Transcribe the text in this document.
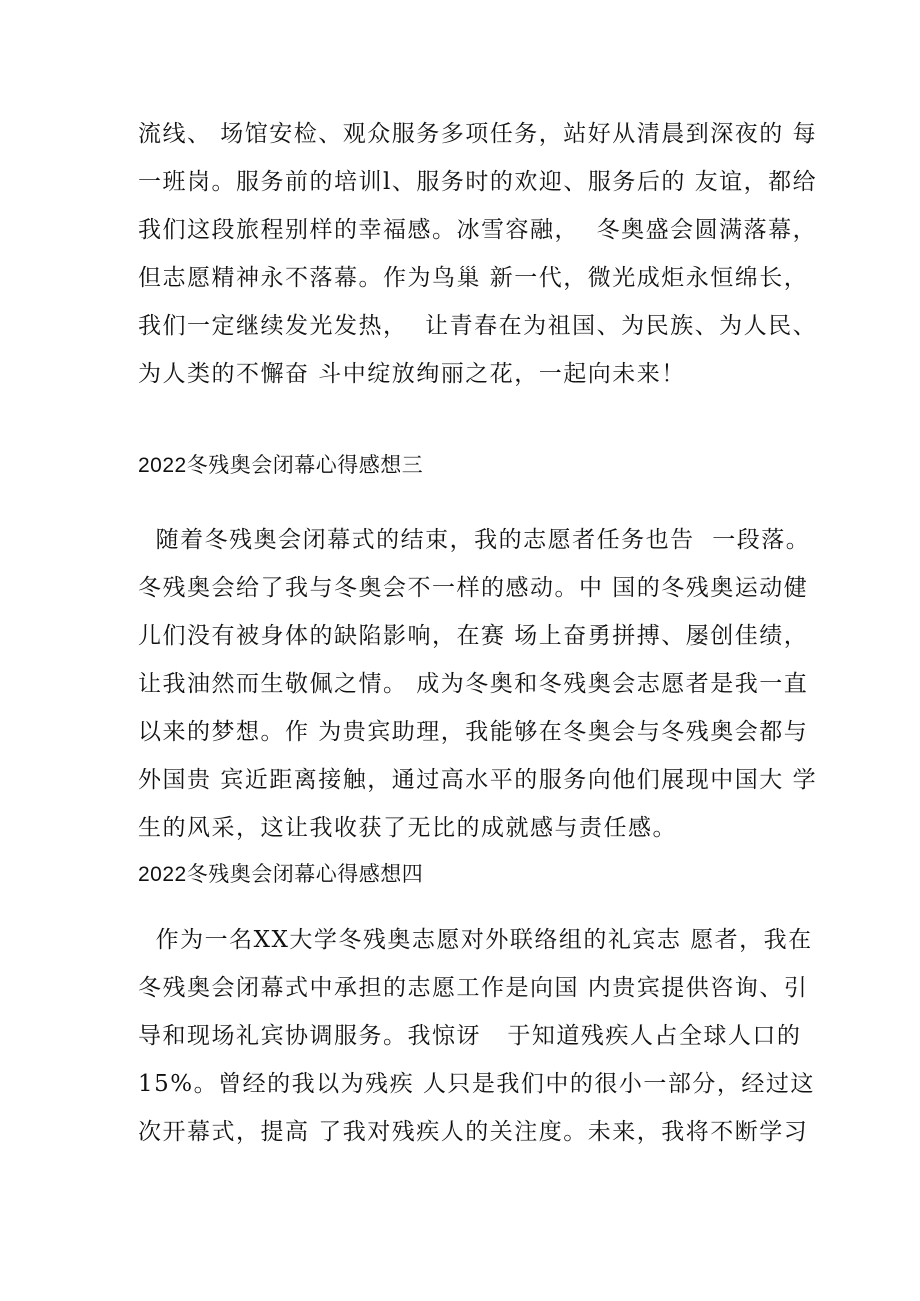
流线、 场馆安检、观众服务多项任务，站好从清晨到深夜的 每
一班岗。服务前的培训l、服务时的欢迎、服务后的 友谊，都给
我们这段旅程别样的幸福感。冰雪容融，  冬奥盛会圆满落幕，
但志愿精神永不落幕。作为鸟巢 新一代，微光成炬永恒绵长，
我们一定继续发光发热，  让青春在为祖国、为民族、为人民、
为人类的不懈奋 斗中绽放绚丽之花，一起向未来！
2022冬残奥会闭幕心得感想三
随着冬残奥会闭幕式的结束，我的志愿者任务也告  一段落。
冬残奥会给了我与冬奥会不一样的感动。中 国的冬残奥运动健
儿们没有被身体的缺陷影响，在赛 场上奋勇拼搏、屡创佳绩，
让我油然而生敬佩之情。 成为冬奥和冬残奥会志愿者是我一直
以来的梦想。作 为贵宾助理，我能够在冬奥会与冬残奥会都与
外国贵 宾近距离接触，通过高水平的服务向他们展现中国大 学
生的风采，这让我收获了无比的成就感与责任感。
2022冬残奥会闭幕心得感想四
作为一名XX大学冬残奥志愿对外联络组的礼宾志 愿者，我在
冬残奥会闭幕式中承担的志愿工作是向国 内贵宾提供咨询、引
导和现场礼宾协调服务。我惊讶   于知道残疾人占全球人口的
15%。曾经的我以为残疾 人只是我们中的很小一部分，经过这
次开幕式，提高 了我对残疾人的关注度。未来，我将不断学习
